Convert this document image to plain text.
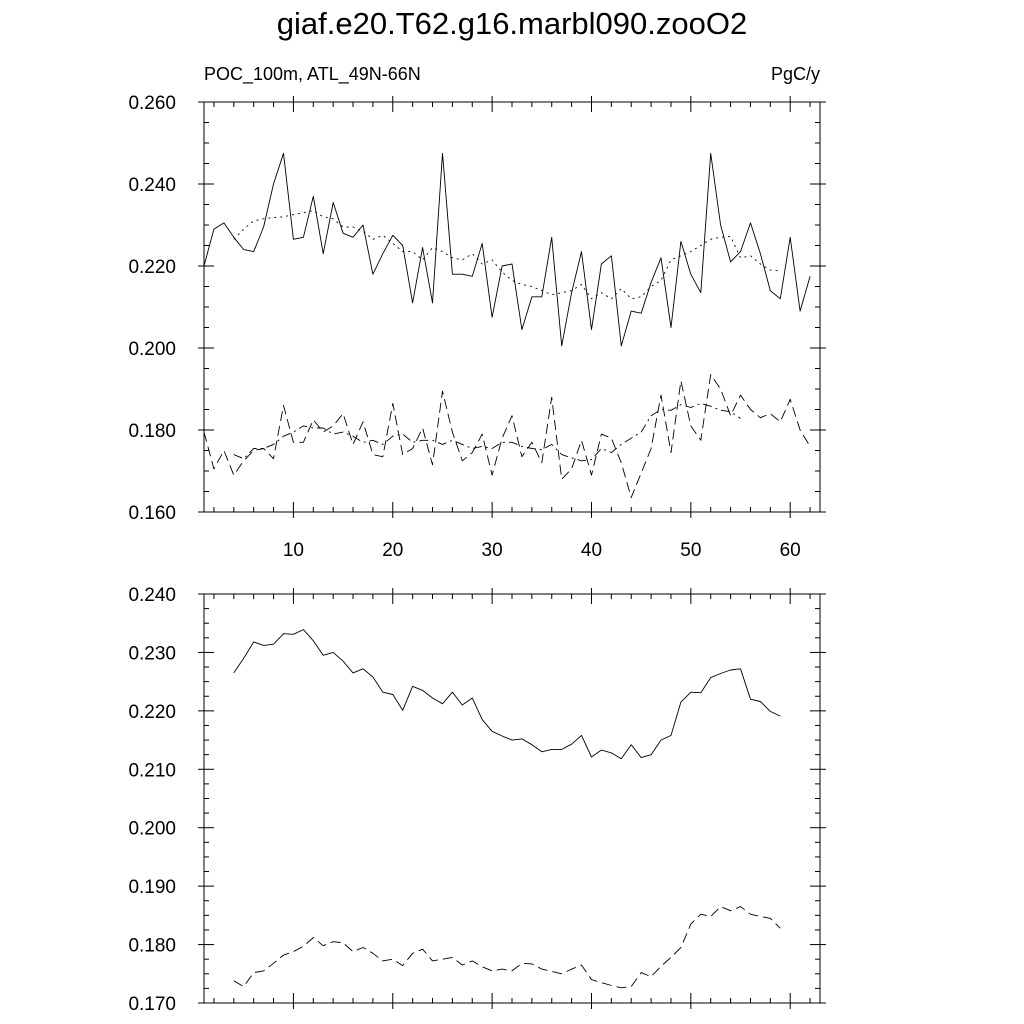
giaf.e20.T62.g16.marbl090.zooO2
POC_100m, ATL_49N-66N	PgC/y
10	20	30	40	50	60
0.160
0.180
0.200
0.220
0.240
0.260
0.170
0.180
0.190
0.200
0.210
0.220
0.230
0.240
